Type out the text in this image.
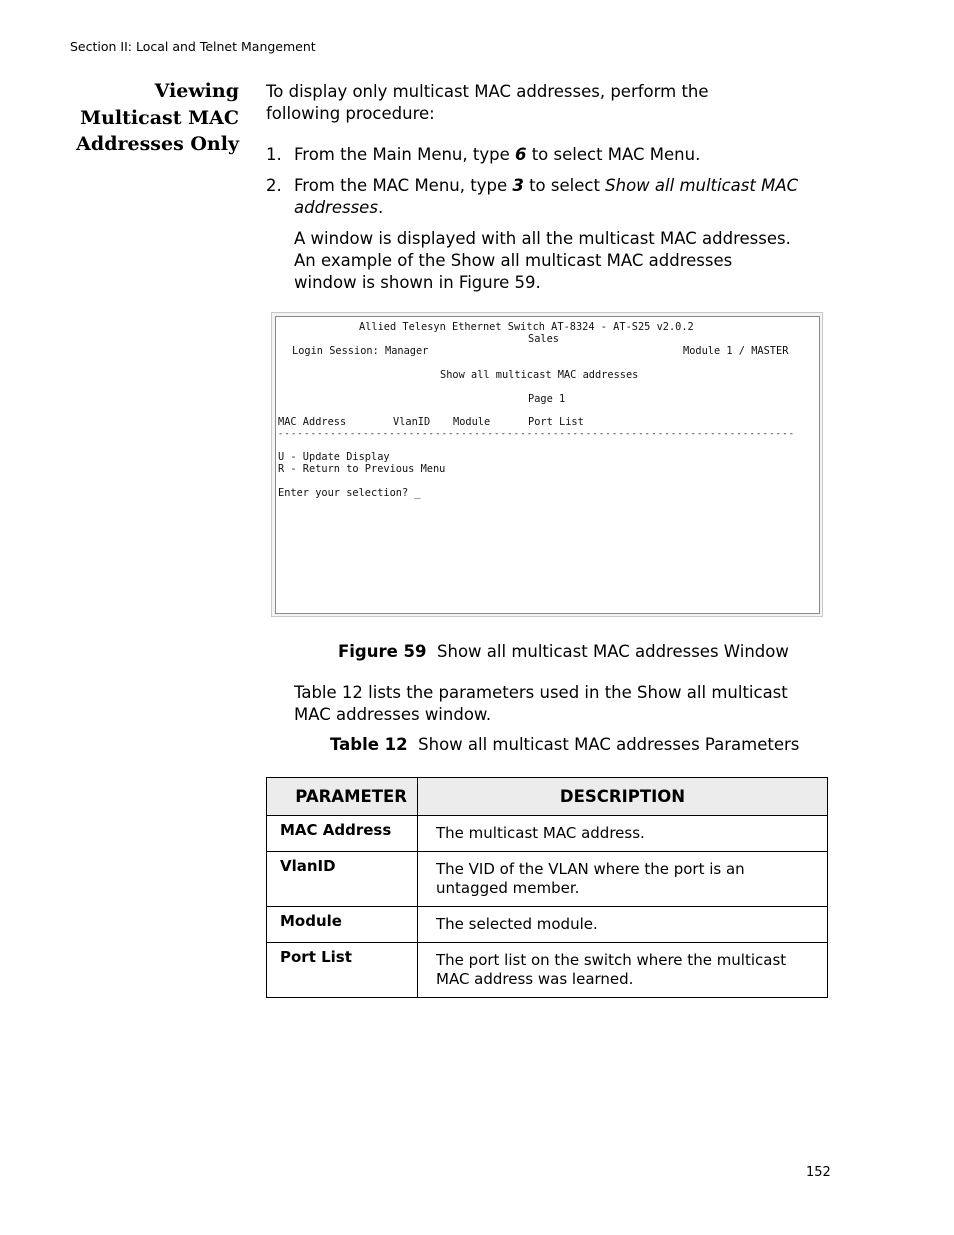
Section II: Local and Telnet Mangement
Viewing
Multicast MAC
Addresses Only
To display only multicast MAC addresses, perform the following procedure:
1. From the Main Menu, type 6 to select MAC Menu.
2. From the MAC Menu, type 3 to select Show all multicast MAC addresses.
A window is displayed with all the multicast MAC addresses. An example of the Show all multicast MAC addresses window is shown in Figure 59.
Allied Telesyn Ethernet Switch AT-8324 - AT-S25 v2.0.2
Sales
Login Session: Manager	Module 1 / MASTER
Show all multicast MAC addresses
Page 1
MAC Address	VlanID Module	Port List
-------------------------------------------------------------------------------
U - Update Display
R - Return to Previous Menu
Enter your selection? _
Figure 59 Show all multicast MAC addresses Window
Table 12 lists the parameters used in the Show all multicast MAC addresses window.
Table 12 Show all multicast MAC addresses Parameters
PARAMETER	DESCRIPTION
MAC Address	The multicast MAC address.
VlanID	The VID of the VLAN where the port is an untagged member.
Module	The selected module.
Port List	The port list on the switch where the multicast MAC address was learned.
152
